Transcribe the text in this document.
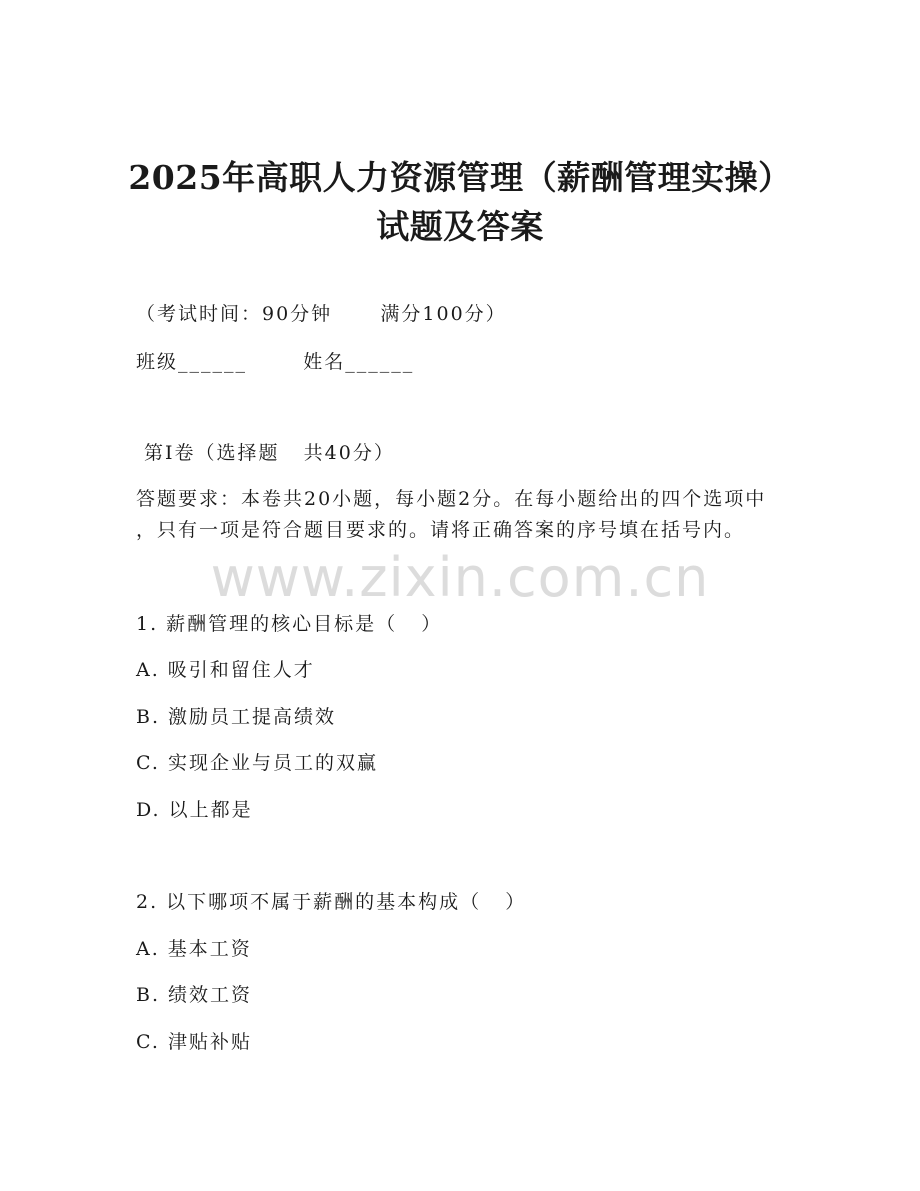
2025年高职人力资源管理（薪酬管理实操）
试题及答案
（考试时间：90分钟      满分100分）
班级______       姓名______
第Ⅰ卷（选择题   共40分）
答题要求：本卷共20小题，每小题2分。在每小题给出的四个选项中
，只有一项是符合题目要求的。请将正确答案的序号填在括号内。
www.zixin.com.cn
1. 薪酬管理的核心目标是（   ）
A. 吸引和留住人才
B. 激励员工提高绩效
C. 实现企业与员工的双赢
D. 以上都是
2. 以下哪项不属于薪酬的基本构成（   ）
A. 基本工资
B. 绩效工资
C. 津贴补贴
